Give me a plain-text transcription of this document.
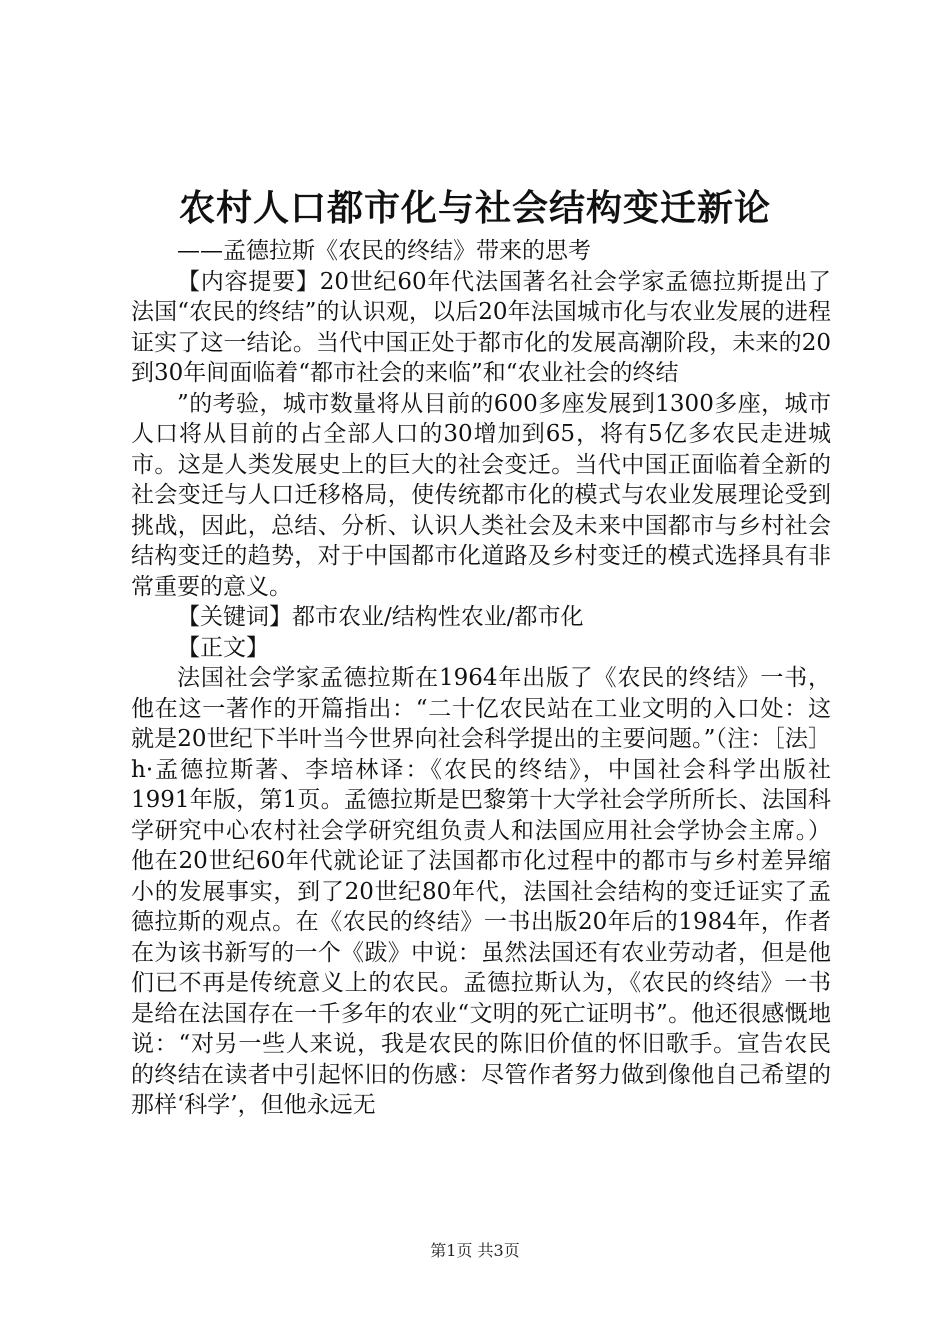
农村人口都市化与社会结构变迁新论

——孟德拉斯《农民的终结》带来的思考

【内容提要】20世纪60年代法国著名社会学家孟德拉斯提出了法国“农民的终结”的认识观，以后20年法国城市化与农业发展的进程证实了这一结论。当代中国正处于都市化的发展高潮阶段，未来的20到30年间面临着“都市社会的来临”和“农业社会的终结

”的考验，城市数量将从目前的600多座发展到1300多座，城市人口将从目前的占全部人口的30增加到65，将有5亿多农民走进城市。这是人类发展史上的巨大的社会变迁。当代中国正面临着全新的社会变迁与人口迁移格局，使传统都市化的模式与农业发展理论受到挑战，因此，总结、分析、认识人类社会及未来中国都市与乡村社会结构变迁的趋势，对于中国都市化道路及乡村变迁的模式选择具有非常重要的意义。

【关键词】都市农业/结构性农业/都市化

【正文】

法国社会学家孟德拉斯在1964年出版了《农民的终结》一书，他在这一著作的开篇指出：“二十亿农民站在工业文明的入口处：这就是20世纪下半叶当今世界向社会科学提出的主要问题。”（注：［法］h·孟德拉斯著、李培林译：《农民的终结》，中国社会科学出版社1991年版，第1页。孟德拉斯是巴黎第十大学社会学所所长、法国科学研究中心农村社会学研究组负责人和法国应用社会学协会主席。）他在20世纪60年代就论证了法国都市化过程中的都市与乡村差异缩小的发展事实，到了20世纪80年代，法国社会结构的变迁证实了孟德拉斯的观点。在《农民的终结》一书出版20年后的1984年，作者在为该书新写的一个《跋》中说：虽然法国还有农业劳动者，但是他们已不再是传统意义上的农民。孟德拉斯认为，《农民的终结》一书是给在法国存在一千多年的农业“文明的死亡证明书”。他还很感慨地说：“对另一些人来说，我是农民的陈旧价值的怀旧歌手。宣告农民的终结在读者中引起怀旧的伤感：尽管作者努力做到像他自己希望的那样‘科学’，但他永远无

第1页 共3页
